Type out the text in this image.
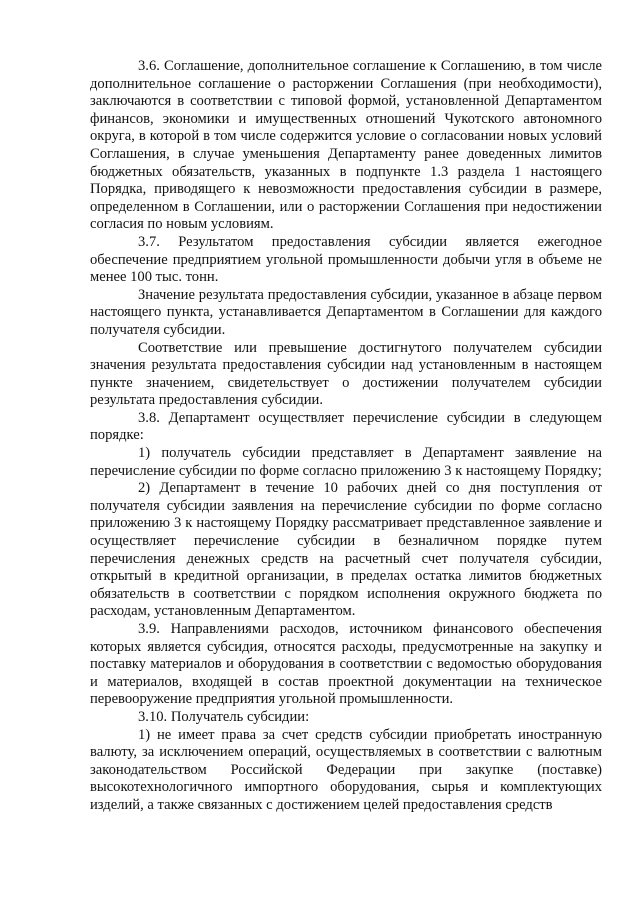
3.6. Соглашение, дополнительное соглашение к Соглашению, в том числе дополнительное соглашение о расторжении Соглашения (при необходимости), заключаются в соответствии с типовой формой, установленной Департаментом финансов, экономики и имущественных отношений Чукотского автономного округа, в которой в том числе содержится условие о согласовании новых условий Соглашения, в случае уменьшения Департаменту ранее доведенных лимитов бюджетных обязательств, указанных в подпункте 1.3 раздела 1 настоящего Порядка, приводящего к невозможности предоставления субсидии в размере, определенном в Соглашении, или о расторжении Соглашения при недостижении согласия по новым условиям.

3.7. Результатом предоставления субсидии является ежегодное обеспечение предприятием угольной промышленности добычи угля в объеме не менее 100 тыс. тонн.

Значение результата предоставления субсидии, указанное в абзаце первом настоящего пункта, устанавливается Департаментом в Соглашении для каждого получателя субсидии.

Соответствие или превышение достигнутого получателем субсидии значения результата предоставления субсидии над установленным в настоящем пункте значением, свидетельствует о достижении получателем субсидии результата предоставления субсидии.

3.8. Департамент осуществляет перечисление субсидии в следующем порядке:

1) получатель субсидии представляет в Департамент заявление на перечисление субсидии по форме согласно приложению 3 к настоящему Порядку;

2) Департамент в течение 10 рабочих дней со дня поступления от получателя субсидии заявления на перечисление субсидии по форме согласно приложению 3 к настоящему Порядку рассматривает представленное заявление и осуществляет перечисление субсидии в безналичном порядке путем перечисления денежных средств на расчетный счет получателя субсидии, открытый в кредитной организации, в пределах остатка лимитов бюджетных обязательств в соответствии с порядком исполнения окружного бюджета по расходам, установленным Департаментом.

3.9. Направлениями расходов, источником финансового обеспечения которых является субсидия, относятся расходы, предусмотренные на закупку и поставку материалов и оборудования в соответствии с ведомостью оборудования и материалов, входящей в состав проектной документации на техническое перевооружение предприятия угольной промышленности.

3.10. Получатель субсидии:

1) не имеет права за счет средств субсидии приобретать иностранную валюту, за исключением операций, осуществляемых в соответствии с валютным законодательством Российской Федерации при закупке (поставке) высокотехнологичного импортного оборудования, сырья и комплектующих изделий, а также связанных с достижением целей предоставления средств
